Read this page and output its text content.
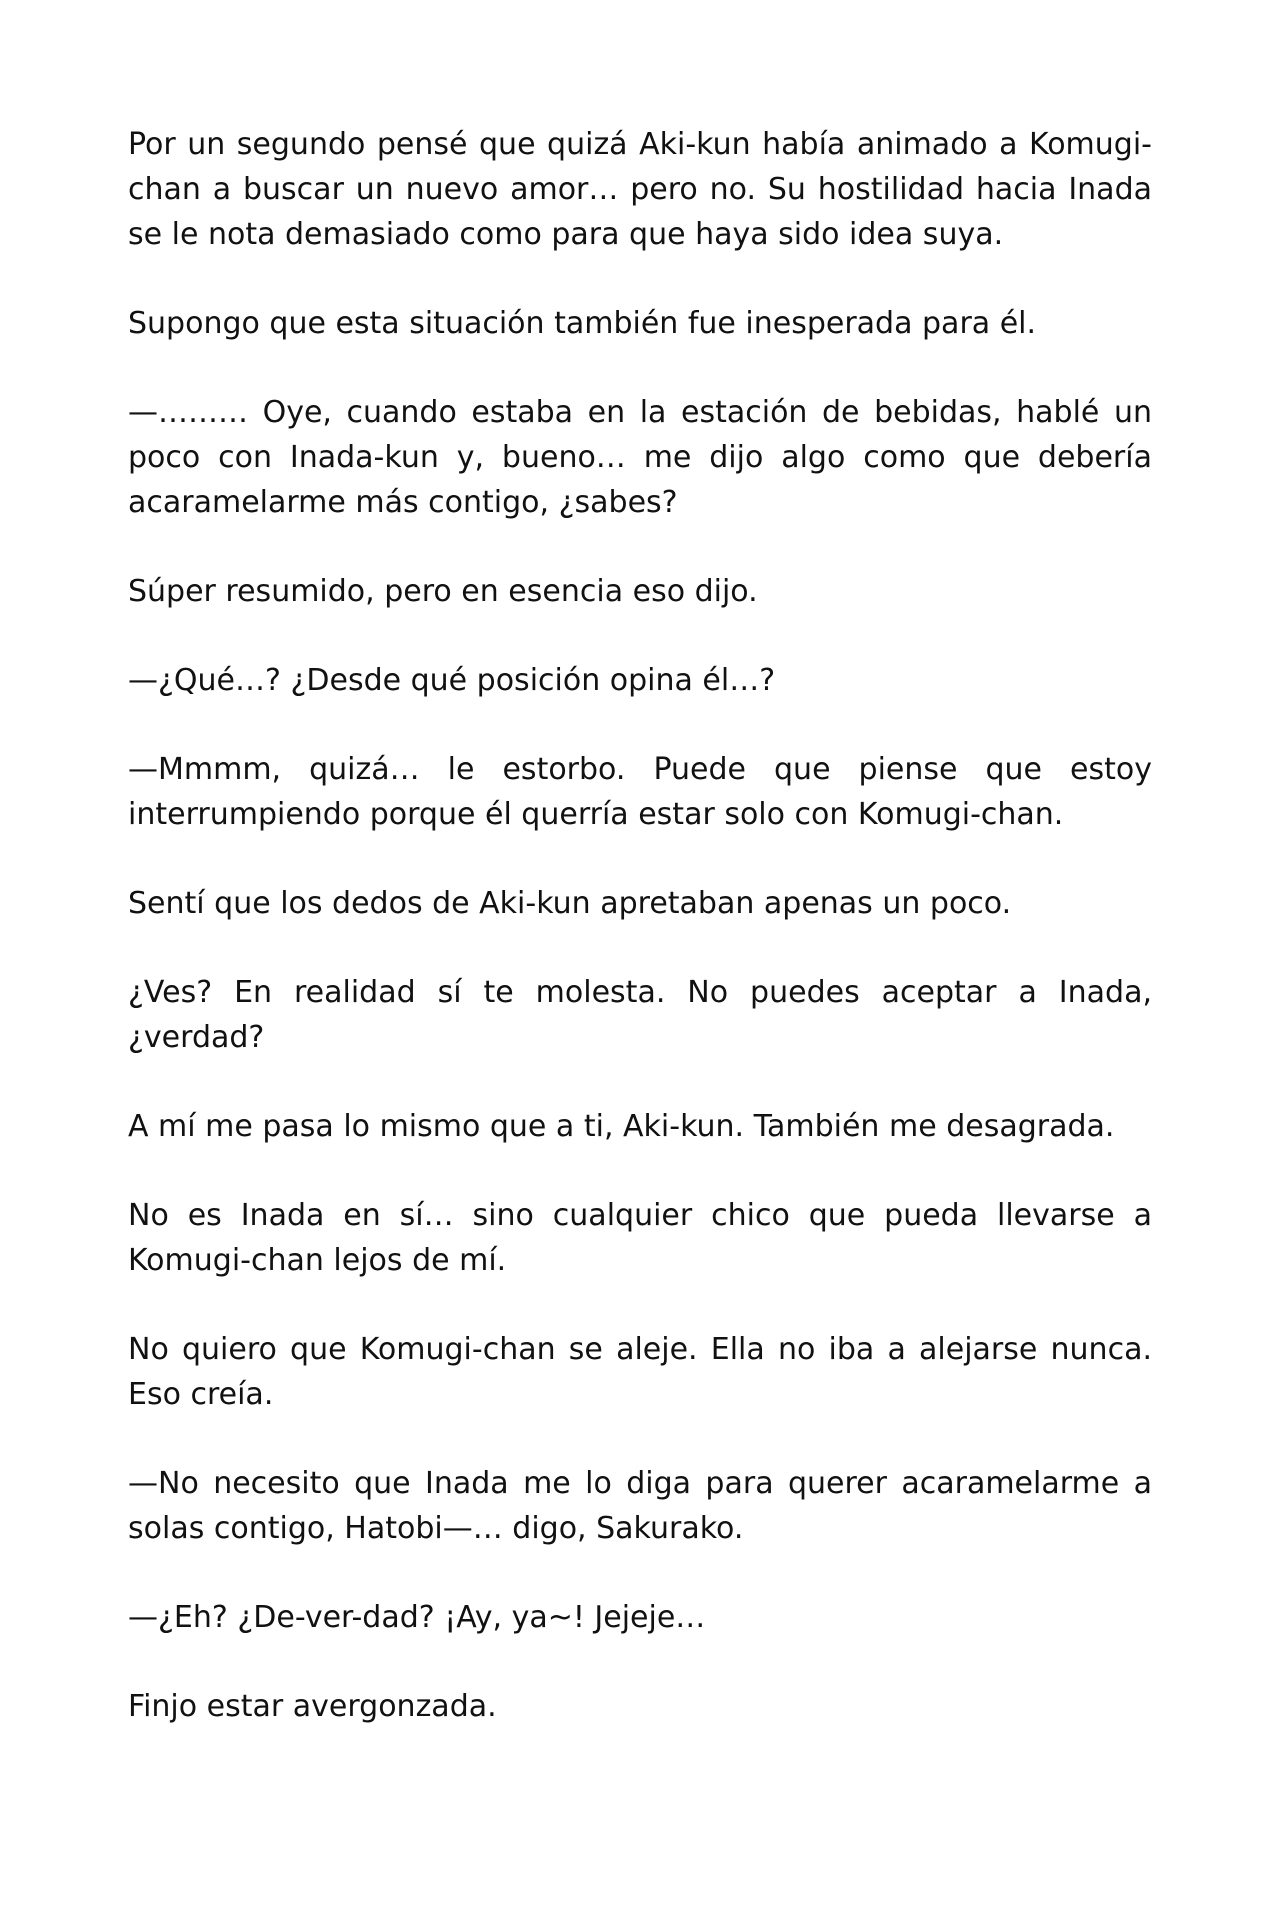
Por un segundo pensé que quizá Aki-kun había animado a Komugi-chan a buscar un nuevo amor… pero no. Su hostilidad hacia Inada se le nota demasiado como para que haya sido idea suya.

Supongo que esta situación también fue inesperada para él.

—……… Oye, cuando estaba en la estación de bebidas, hablé un poco con Inada-kun y, bueno… me dijo algo como que debería acaramelarme más contigo, ¿sabes?

Súper resumido, pero en esencia eso dijo.

—¿Qué…? ¿Desde qué posición opina él…?

—Mmmm, quizá… le estorbo. Puede que piense que estoy interrumpiendo porque él querría estar solo con Komugi-chan.

Sentí que los dedos de Aki-kun apretaban apenas un poco.

¿Ves? En realidad sí te molesta. No puedes aceptar a Inada, ¿verdad?

A mí me pasa lo mismo que a ti, Aki-kun. También me desagrada.

No es Inada en sí… sino cualquier chico que pueda llevarse a Komugi-chan lejos de mí.

No quiero que Komugi-chan se aleje. Ella no iba a alejarse nunca. Eso creía.

—No necesito que Inada me lo diga para querer acaramelarme a solas contigo, Hatobi—… digo, Sakurako.

—¿Eh? ¿De-ver-dad? ¡Ay, ya~! Jejeje…

Finjo estar avergonzada.
